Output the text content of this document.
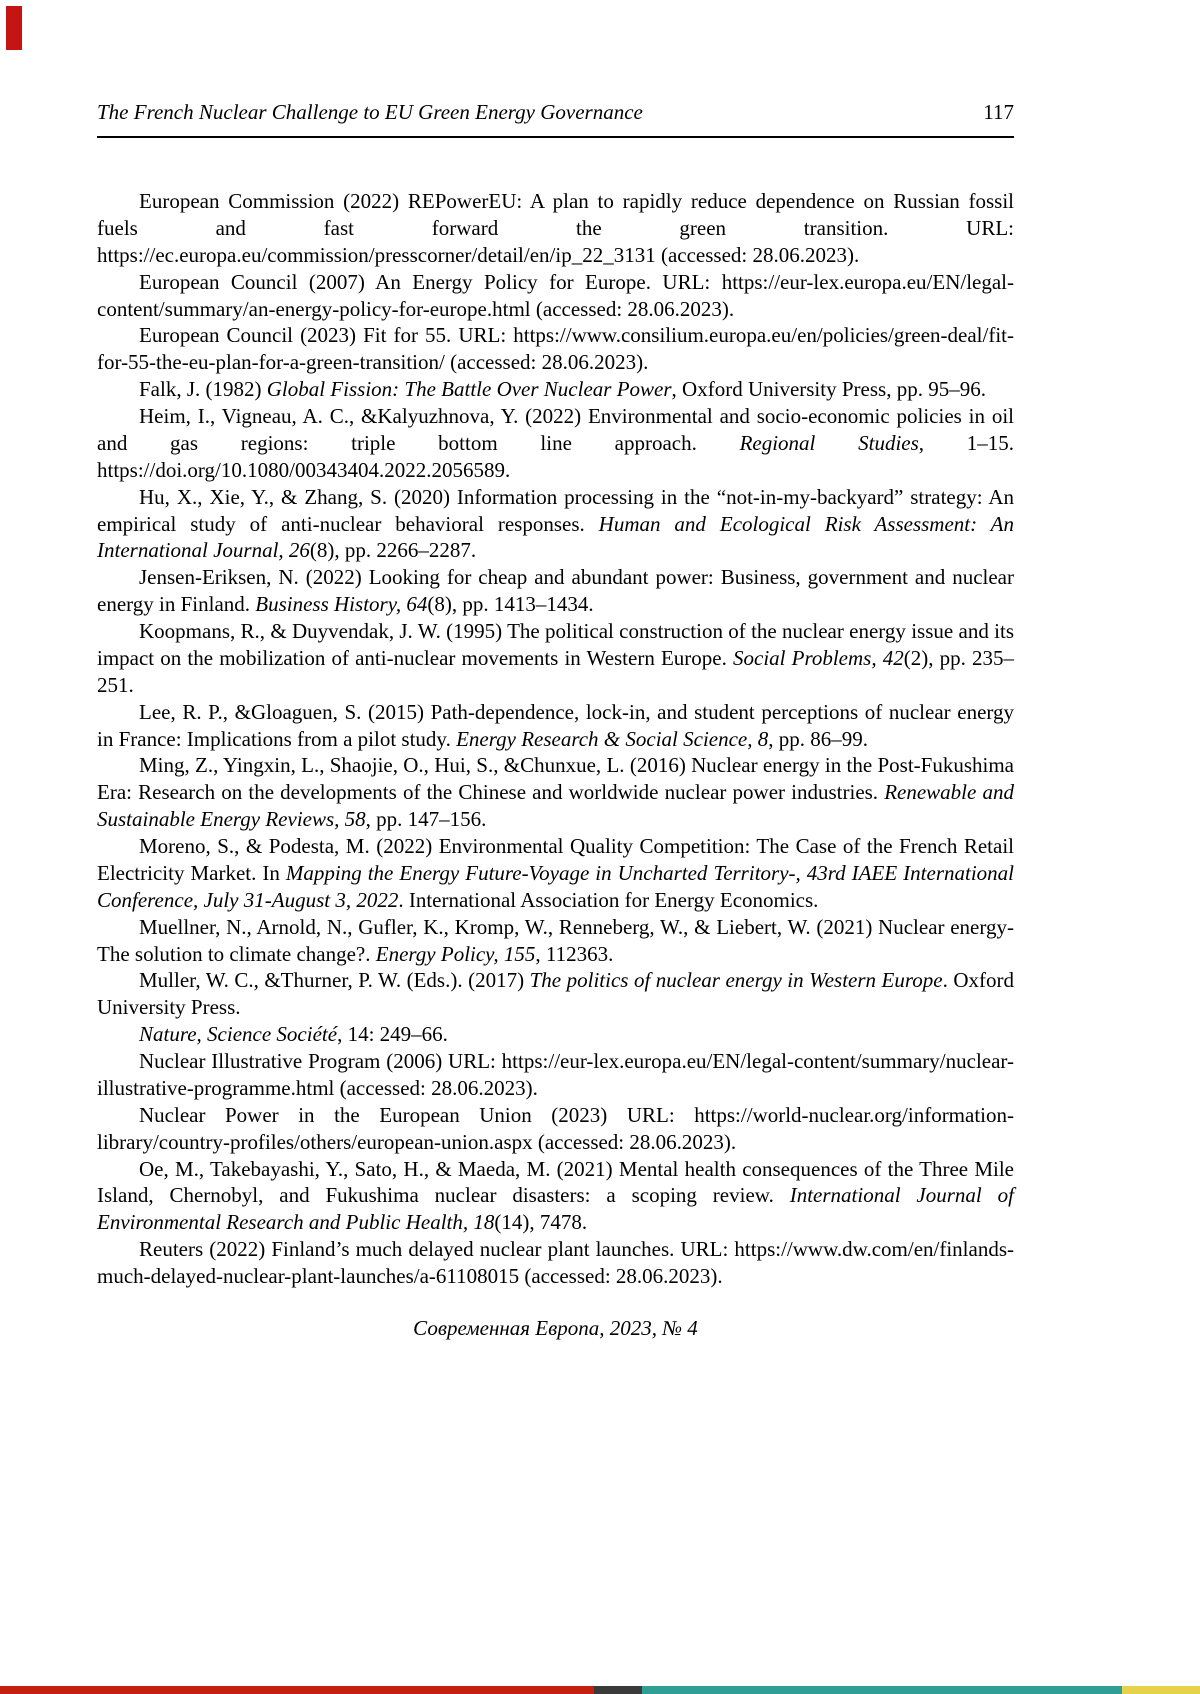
The French Nuclear Challenge to EU Green Energy Governance	117

European Commission (2022) REPowerEU: A plan to rapidly reduce dependence on Russian fossil fuels and fast forward the green transition. URL: https://ec.europa.eu/commission/presscorner/detail/en/ip_22_3131 (accessed: 28.06.2023).

European Council (2007) An Energy Policy for Europe. URL: https://eur-lex.europa.eu/EN/legal-content/summary/an-energy-policy-for-europe.html (accessed: 28.06.2023).

European Council (2023) Fit for 55. URL: https://www.consilium.europa.eu/en/policies/green-deal/fit-for-55-the-eu-plan-for-a-green-transition/ (accessed: 28.06.2023).

Falk, J. (1982) Global Fission: The Battle Over Nuclear Power, Oxford University Press, pp. 95–96.

Heim, I., Vigneau, A. C., &Kalyuzhnova, Y. (2022) Environmental and socio-economic policies in oil and gas regions: triple bottom line approach. Regional Studies, 1–15. https://doi.org/10.1080/00343404.2022.2056589.

Hu, X., Xie, Y., & Zhang, S. (2020) Information processing in the “not-in-my-backyard” strategy: An empirical study of anti-nuclear behavioral responses. Human and Ecological Risk Assessment: An International Journal, 26(8), pp. 2266–2287.

Jensen-Eriksen, N. (2022) Looking for cheap and abundant power: Business, government and nuclear energy in Finland. Business History, 64(8), pp. 1413–1434.

Koopmans, R., & Duyvendak, J. W. (1995) The political construction of the nuclear energy issue and its impact on the mobilization of anti-nuclear movements in Western Europe. Social Problems, 42(2), pp. 235–251.

Lee, R. P., &Gloaguen, S. (2015) Path-dependence, lock-in, and student perceptions of nuclear energy in France: Implications from a pilot study. Energy Research & Social Science, 8, pp. 86–99.

Ming, Z., Yingxin, L., Shaojie, O., Hui, S., &Chunxue, L. (2016) Nuclear energy in the Post-Fukushima Era: Research on the developments of the Chinese and worldwide nuclear power industries. Renewable and Sustainable Energy Reviews, 58, pp. 147–156.

Moreno, S., & Podesta, M. (2022) Environmental Quality Competition: The Case of the French Retail Electricity Market. In Mapping the Energy Future-Voyage in Uncharted Territory-, 43rd IAEE International Conference, July 31-August 3, 2022. International Association for Energy Economics.

Muellner, N., Arnold, N., Gufler, K., Kromp, W., Renneberg, W., & Liebert, W. (2021) Nuclear energy-The solution to climate change?. Energy Policy, 155, 112363.

Muller, W. C., &Thurner, P. W. (Eds.). (2017) The politics of nuclear energy in Western Europe. Oxford University Press.

Nature, Science Société, 14: 249–66.

Nuclear Illustrative Program (2006) URL: https://eur-lex.europa.eu/EN/legal-content/summary/nuclear-illustrative-programme.html (accessed: 28.06.2023).

Nuclear Power in the European Union (2023) URL: https://world-nuclear.org/information-library/country-profiles/others/european-union.aspx (accessed: 28.06.2023).

Oe, M., Takebayashi, Y., Sato, H., & Maeda, M. (2021) Mental health consequences of the Three Mile Island, Chernobyl, and Fukushima nuclear disasters: a scoping review. International Journal of Environmental Research and Public Health, 18(14), 7478.

Reuters (2022) Finland’s much delayed nuclear plant launches. URL: https://www.dw.com/en/finlands-much-delayed-nuclear-plant-launches/a-61108015 (accessed: 28.06.2023).

Современная Европа, 2023, № 4
